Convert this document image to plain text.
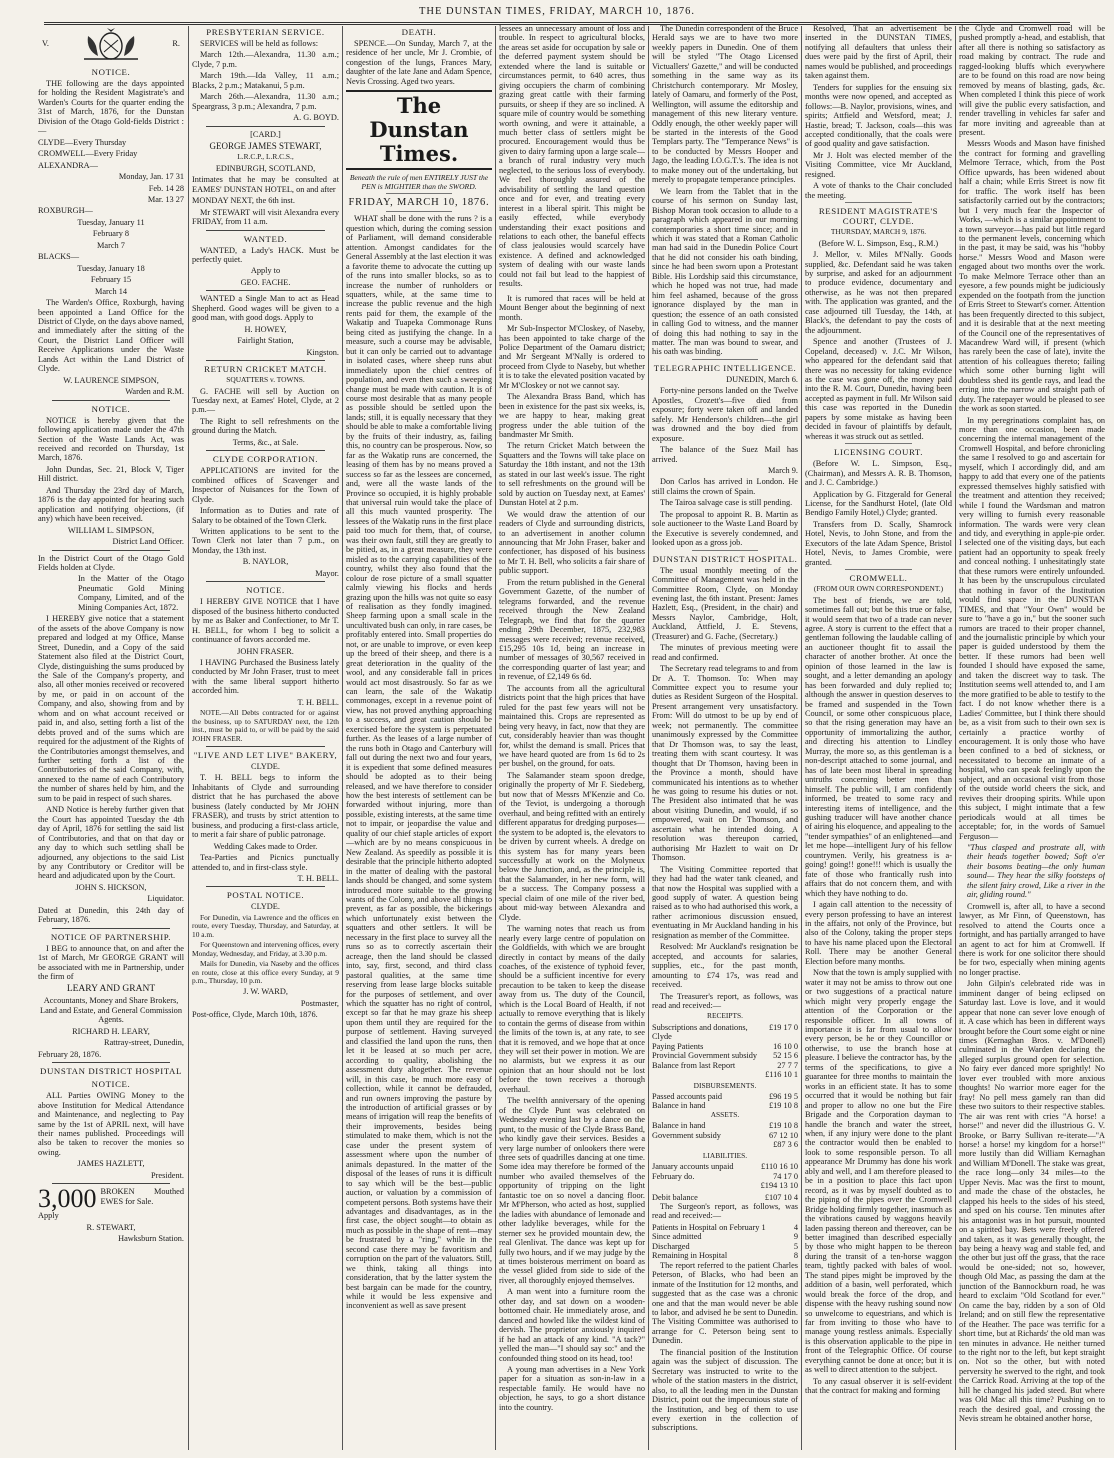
THE DUNSTAN TIMES, FRIDAY, MARCH 10, 1876.
V.	R.
NOTICE.

THE following are the days appointed for holding the Resident Magistrate's and Warden's Courts for the quarter ending the 31st of March, 1876, for the Dunstan Division of the Otago Gold-fields District :—

CLYDE—Every Thursday

CROMWELL—Every Friday

ALEXANDRA—

Monday, Jan. 17 31

Feb. 14 28

Mar. 13 27

ROXBURGH—

Tuesday, January 11

February 8

March 7

BLACKS—

Tuesday, January 18

February 15

March 14

The Warden's Office, Roxburgh, having been appointed a Land Office for the District of Clyde, on the days above named, and immediately after the sitting of the Court, the District Land Officer will Receive Applications under the Waste Lands Act within the Land District of Clyde.

W. LAURENCE SIMPSON,

Warden and R.M.

NOTICE.

NOTICE is hereby given that the following application made under the 47th Section of the Waste Lands Act, was received and recorded on Thursday, 1st March, 1876.

John Dundas, Sec. 21, Block V, Tiger Hill district.

And Thursday the 23rd day of March, 1876 is the day appointed for hearing such application and notifying objections, (if any) which have been received.

WILLIAM L. SIMPSON,

District Land Officer.

In the District Court of the Otago Gold Fields holden at Clyde.

In the Matter of the Otago Pneumatic Gold Mining Company, Limited, and of the Mining Companies Act, 1872.

I HEREBY give notice that a statement of the assets of the above Company is now prepared and lodged at my Office, Manse Street, Dunedin, and a Copy of the said Statement also filed at the District Court, Clyde, distinguishing the sums produced by the Sale of the Company's property, and also, all other monies received or recovered by me, or paid in on account of the Company, and also, showing from and by whom and on what account received or paid in, and also, setting forth a list of the debts proved and of the sums which are required for the adjustment of the Rights of the Contributories amongst themselves, and further setting forth a list of the Contributories of the said Company, with, annexed to the name of each Contributory the number of shares held by him, and the sum to be paid in respect of such shares.

AND Notice is hereby further given that the Court has appointed Tuesday the 4th day of April, 1876 for settling the said list of Contributories, and that on that day or any day to which such settling shall be adjourned, any objections to the said List by any Contributory or Creditor will be heard and adjudicated upon by the Court.

JOHN S. HICKSON,

Liquidator.

Dated at Dunedin, this 24th day of February, 1876.

NOTICE OF PARTNERSHIP.

I BEG to announce that, on and after the 1st of March, Mr GEORGE GRANT will be associated with me in Partnership, under the firm of

LEARY AND GRANT

Accountants, Money and Share Brokers, Land and Estate, and General Commission Agents.

RICHARD H. LEARY,

Rattray-street, Dunedin,

February 28, 1876.

DUNSTAN DISTRICT HOSPITAL
NOTICE.

ALL Parties OWING Money to the above Institution for Medical Attendance and Maintenance, and neglecting to Pay same by the 1st of APRIL next, will have their names published. Proceedings will also be taken to recover the monies so owing.

JAMES HAZLETT,

President.

3,000 BROKEN Mouthed EWES for Sale.

Apply

R. STEWART,

Hawksburn Station.

PRESBYTERIAN SERVICE.

SERVICES will be held as follows:

March 12th.—Alexandra, 11.30 a.m.; Clyde, 7 p.m.

March 19th.—Ida Valley, 11 a.m.; Blacks, 2 p.m.; Matakanui, 5 p.m.

March 26th.—Alexandra, 11.30 a.m.; Speargrass, 3 p.m.; Alexandra, 7 p.m.

A. G. BOYD.

[CARD.]

GEORGE JAMES STEWART,

L.R.C.P., L.R.C.S.,

EDINBURGH, SCOTLAND,

Intimates that he may be consulted at EAMES' DUNSTAN HOTEL, on and after

MONDAY NEXT, the 6th inst.

Mr STEWART will visit Alexandra every FRIDAY, from 11 a.m.

WANTED.

WANTED, a Lady's HACK. Must be perfectly quiet.

Apply to

GEO. FACHE.

WANTED a Single Man to act as Head Shepherd. Good wages will be given to a good man, with good dogs. Apply to

H. HOWEY,

Fairlight Station,

Kingston.

RETURN CRICKET MATCH.

SQUATTERS v. TOWNS.

G. FACHE will sell by Auction on Tuesday next, at Eames' Hotel, Clyde, at 2 p.m.—

The Right to sell refreshments on the ground during the Match.

Terms, &c., at Sale.

CLYDE CORPORATION.

APPLICATIONS are invited for the combined offices of Scavenger and Inspector of Nuisances for the Town of Clyde.

Information as to Duties and rate of Salary to be obtained of the Town Clerk.

Written applications to be sent to the Town Clerk not later than 7 p.m., on Monday, the 13th inst.

B. NAYLOR,

Mayor.

NOTICE.

I HEREBY GIVE NOTICE that I have disposed of the business hitherto conducted by me as Baker and Confectioner, to Mr T. H. BELL, for whom I beg to solicit a continuance of favors accorded me.

JOHN FRASER.

I HAVING Purchased the Business lately conducted by Mr John Fraser, trust to meet with the same liberal support hitherto accorded him.

T. H. BELL.

NOTE.—All Debts contracted for or against the business, up to SATURDAY next, the 12th inst., must be paid to, or will be paid by the said JOHN FRASER.

"LIVE AND LET LIVE" BAKERY,

CLYDE.

T. H. BELL begs to inform the Inhabitants of Clyde and surrounding district that he has purchased the above business (lately conducted by Mr JOHN FRASER), and trusts by strict attention to business, and producing a first-class article, to merit a fair share of public patronage.

Wedding Cakes made to Order.

Tea-Parties and Picnics punctually attended to, and in first-class style.

T. H. BELL.

POSTAL NOTICE.

CLYDE.

For Dunedin, via Lawrence and the offices en route, every Tuesday, Thursday, and Saturday, at 10 a.m.

For Queenstown and intervening offices, every Monday, Wednesday, and Friday, at 3.30 p.m.

Mails for Dunedin, via Naseby and the offices en route, close at this office every Sunday, at 9 p.m., Thursday, 10 p.m.

J. W. WARD,

Postmaster,

Post-office, Clyde, March 10th, 1876.

DEATH.

SPENCE.—On Sunday, March 7, at the residence of her uncle, Mr J. Crombie, of congestion of the lungs, Frances Mary, daughter of the late Jane and Adam Spence, Nevis Crossing. Aged two years.

The Dunstan Times.
Beneath the rule of men ENTIRELY JUST the PEN is MIGHTIER than the SWORD.
FRIDAY, MARCH 10, 1876.

WHAT shall be done with the runs ? is a question which, during the coming session of Parliament, will demand considerable attention. Amongst candidates for the General Assembly at the last election it was a favorite theme to advocate the cutting up of the runs into smaller blocks, so as to increase the number of runholders or squatters, while, at the same time to increase the public revenue and the high rents paid for them, the example of the Wakatip and Tuapeka Commonage Runs being cited as justifying the change. In a measure, such a course may be advisable, but it can only be carried out to advantage in isolated cases, where sheep runs abut immediately upon the chief centres of population, and even then such a sweeping change must be made with caution. It is of course most desirable that as many people as possible should be settled upon the lands; still, it is equally necessary that they should be able to make a comfortable living by the fruits of their industry, as, failing this, no country can be prosperous. Now, so far as the Wakatip runs are concerned, the leasing of them has by no means proved a success so far as the lessees are concerned, and, were all the waste lands of the Province so occupied, it is highly probable that universal ruin would take the place of all this much vaunted prosperity. The lessees of the Wakatip runs in the first place paid too much for them, that, of course, was their own fault, still they are greatly to be pitied, as, in a great measure, they were misled as to the carrying capabilities of the country, whilst they also found that the colour de rose picture of a small squatter calmly viewing his flocks and herds grazing upon the hills was not quite so easy of realisation as they fondly imagined. Sheep farming upon a small scale in the uncultivated bush can only, in rare cases, be profitably entered into. Small properties do not, or are unable to improve, or even keep up the breed of their sheep, and there is a great deterioration in the quality of the wool, and any considerable fall in prices would act most disastrously. So far as we can learn, the sale of the Wakatip commonages, except in a revenue point of view, has not proved anything approaching to a success, and great caution should be exercised before the system is perpetuated further. As the leases of a large number of the runs both in Otago and Canterbury will fall out during the next two and four years, it is expedient that some defined measures should be adopted as to their being released, and we have therefore to consider how the best interests of settlement can be forwarded without injuring, more than possible, existing interests, at the same time not to impair, or jeopardise the value and quality of our chief staple articles of export—which are by no means conspicuous in New Zealand. As speedily as possible it is desirable that the principle hitherto adopted in the matter of dealing with the pastoral lands should be changed, and some system introduced more suitable to the growing wants of the Colony, and above all things to prevent, as far as possible, the bickerings which unfortunately exist between the squatters and other settlers. It will be necessary in the first place to survey all the runs so as to correctly ascertain their acreage, then the land should be classed into, say, first, second, and third class pastoral qualities, at the same time reserving from lease large blocks suitable for the purposes of settlement, and over which the squatter has no right of control, except so far that he may graze his sheep upon them until they are required for the purpose of settlement. Having surveyed and classified the land upon the runs, then let it be leased at so much per acre, according to quality, abolishing the assessment duty altogether. The revenue will, in this case, be much more easy of collection, while it cannot be defrauded, and run owners improving the pasture by the introduction of artificial grasses or by means of irrigation will reap the benefits of their improvements, besides being stimulated to make them, which is not the case under the present system of assessment where upon the number of animals depastured. In the matter of the disposal of the leases of runs it is difficult to say which will be the best—public auction, or valuation by a commission of competent persons. Both systems have their advantages and disadvantages, as in the first case, the object sought—to obtain as much as possible in the shape of rent—may be frustrated by a "ring," while in the second case there may be favoritism and corruption on the part of the valuators. Still, we think, taking all things into consideration, that by the latter system the best bargain can be made for the country, while it would be less expensive and inconvenient as well as save present

lessees an unnecessary amount of loss and trouble. In respect to agricultural blocks, the areas set aside for occupation by sale or the deferred payment system should be extended where the land is suitable or circumstances permit, to 640 acres, thus giving occupiers the charm of combining grazing great cattle with their farming pursuits, or sheep if they are so inclined. A square mile of country would be something worth owning, and were it attainable, a much better class of settlers might be procured. Encouragement would thus be given to dairy farming upon a large scale—a branch of rural industry very much neglected, to the serious loss of everybody. We feel thoroughly assured of the advisability of settling the land question once and for ever, and treating every interest in a liberal spirit. This might be easily effected, while everybody understanding their exact positions and relations to each other, the baneful effects of class jealousies would scarcely have existence. A defined and acknowledged system of dealing with our waste lands could not fail but lead to the happiest of results.

It is rumored that races will be held at Mount Benger about the beginning of next month.

Mr Sub-Inspector M'Closkey, of Naseby, has been appointed to take charge of the Police Department of the Oamaru district; and Mr Sergeant M'Nally is ordered to proceed from Clyde to Naseby, but whether it is to take the elevated position vacated by Mr M'Closkey or not we cannot say.

The Alexandra Brass Band, which has been in existence for the past six weeks, is, we are happy to hear, making great progress under the able tuition of the bandmaster Mr Smith.

The return Cricket Match between the Squatters and the Towns will take place on Saturday the 18th instant, and not the 13th as stated in our last week's issue. The right to sell refreshments on the ground will be sold by auction on Tuesday next, at Eames' Dunstan Hotel at 2 p.m.

We would draw the attention of our readers of Clyde and surrounding districts, to an advertisement in another column announcing that Mr John Fraser, baker and confectioner, has disposed of his business to Mr T. H. Bell, who solicits a fair share of public support.

From the return published in the General Government Gazette, of the number of telegrams forwarded, and the revenue received through the New Zealand Telegraph, we find that for the quarter ending 29th December, 1875, 232,983 messages were received; revenue received, £15,295 10s 1d, being an increase in number of messages of 30,567 received in the corresponding quarter of last year; and in revenue, of £2,149 6s 6d.

The accounts from all the agricultural districts point that the high prices that have ruled for the past few years will not be maintained this. Crops are represented as being very heavy, in fact, now that they are cut, considerably heavier than was thought for, whilst the demand is small. Prices that we have heard quoted are from 1s 6d to 2s per bushel, on the ground, for oats.

The Salamander steam spoon dredge, originally the property of Mr F. Siedeberg, but now that of Messrs M'Kenzie and Co. of the Teviot, is undergoing a thorough overhaul, and being refitted with an entirely different apparatus for dredging purposes—the system to be adopted is, the elevators to be driven by current wheels. A dredge on this system has for many years been successfully at work on the Molyneux below the Junction, and, as the principle is, that the Salamander, in her new form, will be a success. The Company possess a special claim of one mile of the river bed, about mid-way between Alexandra and Clyde.

The warning notes that reach us from nearly every large centre of population on the Goldfields, with which we are brought directly in contact by means of the daily coaches, of the existence of typhoid fever, should be a sufficient incentive for every precaution to be taken to keep the disease away from us. The duty of the Council, which is the Local Board of Health, if not actually to remove everything that is likely to contain the germs of disease from within the limits of the town is, at any rate, to see that it is removed, and we hope that at once they will set their power in motion. We are no alarmists, but we express it as our opinion that an hour should not be lost before the town receives a thorough overhaul.

The twelfth anniversary of the opening of the Clyde Punt was celebrated on Wednesday evening last by a dance on the punt, to the music of the Clyde Brass Band, who kindly gave their services. Besides a very large number of onlookers there were three sets of quadrilles dancing at one time. Some idea may therefore be formed of the number who availed themselves of the opportunity of tripping on the light fantastic toe on so novel a dancing floor. Mr M'Pherson, who acted as host, supplied the ladies with abundance of lemonade and other ladylike beverages, while for the sterner sex he provided mountain dew, the real Glenlivat. The dance was kept up for fully two hours, and if we may judge by the at times boisterous merriment on board as the vessel glided from side to side of the river, all thoroughly enjoyed themselves.

A man went into a furniture room the other day, and sat down on a wooden-bottomed chair. He immediately arose, and danced and howled like the wildest kind of dervish. The proprietor anxiously inquired if he had an attack of any kind. "A tack?" yelled the man—"I should say so:" and the confounded thing stood on its head, too!

A young man advertises in a New York paper for a situation as son-in-law in a respectable family. He would have no objection, he says, to go a short distance into the country.

The Dunedin correspondent of the Bruce Herald says we are to have two more weekly papers in Dunedin. One of them will be styled "The Otago Licensed Victuallers' Gazette," and will be conducted something in the same way as its Christchurch contemporary. Mr Mosley, lately of Oamaru, and formerly of the Post, Wellington, will assume the editorship and management of this new literary venture. Oddly enough, the other weekly paper will be started in the interests of the Good Templars party. The "Temperance News" is to be conducted by Messrs Hooper and Jago, the leading I.O.G.T.'s. The idea is not to make money out of the undertaking, but merely to propagate temperance principles.

We learn from the Tablet that in the course of his sermon on Sunday last, Bishop Moran took occasion to allude to a paragraph which appeared in our morning contemporaries a short time since; and in which it was stated that a Roman Catholic man had said in the Dunedin Police Court that he did not consider his oath binding, since he had been sworn upon a Protestant Bible. His Lordship said this circumstance, which he hoped was not true, had made him feel ashamed, because of the gross ignorance displayed by the man in question; the essence of an oath consisted in calling God to witness, and the manner of doing this had nothing to say in the matter. The man was bound to swear, and his oath was binding.

TELEGRAPHIC INTELLIGENCE.

DUNEDIN, March 6.

Forty-nine persons landed on the Twelve Apostles, Crozett's—five died from exposure; forty were taken off and landed safely. Mr Henderson's children—the girl was drowned and the boy died from exposure.

The balance of the Suez Mail has arrived.

March 9.

Don Carlos has arrived in London. He still claims the crown of Spain.

The Tairoa salvage case is still pending.

The proposal to appoint R. B. Martin as sole auctioneer to the Waste Land Board by the Executive is severely condemned, and looked upon as a gross job.

DUNSTAN DISTRICT HOSPITAL.

The usual monthly meeting of the Committee of Management was held in the Committee Room, Clyde, on Monday evening last, the 6th instant. Present: James Hazlett, Esq., (President, in the chair) and Messrs Naylor, Cambridge, Holt, Auckland, Attfield, J. E. Stevens, (Treasurer) and G. Fache, (Secretary.)

The minutes of previous meeting were read and confirmed.

The Secretary read telegrams to and from Dr A. T. Thomson. To: When may Committee expect you to resume your duties as Resident Surgeon of the Hospital. Present arrangement very unsatisfactory. From: Will do utmost to be up by end of week; not permanently. The committee unanimously expressed by the Committee that Dr Thomson was, to say the least, treating them with scant courtesy. It was thought that Dr Thomson, having been in the Province a month, should have communicated his intentions as to whether he was going to resume his duties or not. The President also intimated that he was about visiting Dunedin, and would, if so empowered, wait on Dr Thomson, and ascertain what he intended doing. A resolution was thereupon carried, authorising Mr Hazlett to wait on Dr Thomson.

The Visiting Committee reported that they had had the water tank cleaned, and that now the Hospital was supplied with a good supply of water. A question being raised as to who had authorised this work, a rather acrimonious discussion ensued, eventuating in Mr Auckland handing in his resignation as member of the Committee.

Resolved: Mr Auckland's resignation be accepted, and accounts for salaries, supplies, etc., for the past month, amounting to £74 17s, was read and received.

The Treasurer's report, as follows, was read and received:—

RECEIPTS.

Subscriptions and donations, Clyde
£19 17 0
Paying Patients	16 10 0
Provincial Government subsidy 52 15 6
Balance from last Report	27 7 7

£116 10 1

DISBURSEMENTS.

Passed accounts paid	£96 19 5
Balance in hand	£19 10 8

ASSETS.

Balance in hand	£19 10 8
Government subsidy	67 12 10

£87 3 6

LIABILITIES.

January accounts unpaid	£110 16 10
February do.	74 17 0

£194 13 10

Debit balance	£107 10 4

The Surgeon's report, as follows, was read and received:—

Patients in Hospital on February 1	4
Since admitted	9
Discharged	5
Remaining in Hospital	8

The report referred to the patient Charles Peterson, of Blacks, who had been an inmate of the Institution for 12 months, and suggested that as the case was a chronic one and that the man would never be able to labor, and advised he be sent to Dunedin. The Visiting Committee was authorised to arrange for C. Peterson being sent to Dunedin.

The financial position of the Institution again was the subject of discussion. The Secretary was instructed to write to the whole of the station masters in the district, also, to all the leading men in the Dunstan District, point out the impecunious state of the Institution, and beg of them to use every exertion in the collection of subscriptions.

Resolved, That an advertisement be inserted in the DUNSTAN TIMES, notifying all defaulters that unless their dues were paid by the first of April, their names would be published, and proceedings taken against them.

Tenders for supplies for the ensuing six months were now opened, and accepted as follows:—B. Naylor, provisions, wines, and spirits; Attfield and Wetsford, meat; J. Hastie, bread; T. Jackson, coals—this was accepted conditionally, that the coals were of good quality and gave satisfaction.

Mr J. Holt was elected member of the Visiting Committee, vice Mr Auckland, resigned.

A vote of thanks to the Chair concluded the meeting.

RESIDENT MAGISTRATE'S COURT, CLYDE.

THURSDAY, MARCH 9, 1876.

(Before W. L. Simpson, Esq., R.M.)

J. Mellor, v. Miles M'Nally. Goods supplied, &c. Defendant said he was taken by surprise, and asked for an adjournment to produce evidence, documentary and otherwise, as he was not then prepared with. The application was granted, and the case adjourned till Tuesday, the 14th, at Black's, the defendant to pay the costs of the adjournment.

Spence and another (Trustees of J. Copeland, deceased) v. J.C. Mr Wilson, who appeared for the defendant said that there was no necessity for taking evidence as the case was gone off, the money paid into the R. M. Court, Dunedin, having been accepted as payment in full. Mr Wilson said this case was reported in the Dunedin papers by some mistake as having been decided in favour of plaintiffs by default, whereas it was struck out as settled.

LICENSING COURT.

(Before W. L. Simpson, Esq., (Chairman), and Messrs A. R. B. Thomson, and J. C. Cambridge.)

Application by G. Fitzgerald for General License, for the Sandhurst Hotel, (late Old Bendigo Family Hotel,) Clyde; granted.

Transfers from D. Scally, Shamrock Hotel, Nevis, to John Stone, and from the Executors of the late Adam Spence, Bristol Hotel, Nevis, to James Crombie, were granted.

CROMWELL.

(FROM OUR OWN CORRESPONDENT.)

The best of friends, we are told, sometimes fall out; but be this true or false, it would seem that two of a trade can never agree. A story is current to the effect that a gentleman following the laudable calling of an auctioneer thought fit to assail the character of another brother. At once the opinion of those learned in the law is sought, and a letter demanding an apology has been forwarded and duly replied to; although the answer in question deserves to be framed and suspended in the Town Council, or some other conspicuous place, so that the rising generation may have an opportunity of immortalizing the author, and directing his attention to Lindley Murray, the more so, as this gentleman is a non-descript attached to some journal, and has of late been most liberal in spreading untruths concerning better men than himself. The public will, I am confidently informed, be treated to some racy and interesting items of intelligence, and the gushing traducer will have another chance of airing his eloquence, and appealing to the "tender sympathies" of an enlightened—and let me hope—intelligent Jury of his fellow countrymen. Verily, his greatness is a-going! going!! gone!!! which is usually the fate of those who frantically rush into affairs that do not concern them, and with which they have nothing to do.

I again call attention to the necessity of every person professing to have an interest in the affairs, not only of the Province, but also of the Colony, taking the proper steps to have his name placed upon the Electoral Roll. There may be another General Election before many months.

Now that the town is amply supplied with water it may not be amiss to throw out one or two suggestions of a practical nature which might very properly engage the attention of the Corporation or the responsible officer. In all towns of importance it is far from usual to allow every person, be he or they Councillor or otherwise, to use the branch hose at pleasure. I believe the contractor has, by the terms of the specifications, to give a guarantee for three months to maintain the works in an efficient state. It has to some occurred that it would be nothing but fair and proper to allow no one but the Fire Brigade and the Corporation dayman to handle the branch and water the street, when, if any injury were done to the plant the contractor would then be enabled to look to some responsible person. To all appearance Mr Drummy has done his work ably and well, and I am therefore pleased to be in a position to place this fact upon record, as it was by myself doubted as to the piping of the pipes over the Cromwell Bridge holding firmly together, inasmuch as the vibrations caused by waggons heavily laden passing thereon and thereover, can be better imagined than described especially by those who might happen to be thereon during the transit of a ten-horse waggon team, tightly packed with bales of wool. The stand pipes might be improved by the addition of a basin, well perforated, which would break the force of the drop, and dispense with the heavy rushing sound now so unwelcome to equestrians, and which is far from inviting to those who have to manage young restless animals. Especially is this observation applicable to the pipe in front of the Telegraphic Office. Of course everything cannot be done at once; but it is as well to direct attention to the subject.

To any casual observer it is self-evident that the contract for making and forming

the Clyde and Cromwell road will be pushed promptly a-head, and establish, that after all there is nothing so satisfactory as road making by contract. The rude and ragged-looking bluffs which everywhere are to be found on this road are now being removed by means of blasting, gads, &c. When completed I think this piece of work will give the public every satisfaction, and render travelling in vehicles far safer and far more inviting and agreeable than at present.

Messrs Woods and Mason have finished the contract for forming and gravelling Melmore Terrace, which, from the Post Office upwards, has been widened about half a chain; while Erris Street is now fit for traffic. The work itself has been satisfactorily carried out by the contractors; but I very much fear the Inspector of Works, —which is a similar appointment to a town surveyor—has paid but little regard to the permanent levels, concerning which in the past, it may be said, was his "hobby horse." Messrs Wood and Mason were engaged about two months over the work. To make Melmore Terrace other than an eyesore, a few pounds might be judiciously expended on the footpath from the junction of Erris Street to Stewart's corner. Attention has been frequently directed to this subject, and it is desirable that at the next meeting of the Council one of the representatives of Macandrew Ward will, if present (which has rarely been the case of late), invite the attention of his colleagues thereto; failing which some other burning light will doubtless shed its gentle rays, and lead the erring into the narrow and straight path of duty. The ratepayer would be pleased to see the work as soon started.

In my peregrinations complaint has, on more than one occasion, been made concerning the internal management of the Cromwell Hospital, and before chronicling the same I resolved to go and ascertain for myself, which I accordingly did, and am happy to add that every one of the patients expressed themselves highly satisfied with the treatment and attention they received; while I found the Wardsman and matron very willing to furnish every reasonable information. The wards were very clean and tidy, and everything in apple-pie order. I selected one of the visiting days, but each patient had an opportunity to speak freely and conceal nothing. I unhesitatingly state that these rumors were entirely unfounded. It has been by the unscrupulous circulated that nothing in favor of the Institution would find space in the DUNSTAN TIMES, and that "Your Own" would be sure to "have a go in," but the sooner such rumors are traced to their proper channel, and the journalistic principle by which your paper is guided understood by them the better. If these rumors had been well founded I should have exposed the same, and taken the discreet way to task. The Institution seems well attended to, and I am the more gratified to be able to testify to the fact. I do not know whether there is a Ladies' Committee, but I think there should be, as a visit from such to their own sex is certainly a practice worthy of encouragement. It is only those who have been confined to a bed of sickness, or necessitated to become an inmate of a hospital, who can speak feelingly upon the subject, and an occasional visit from those of the outside world cheers the sick, and revives their drooping spirits. While upon this subject, I might intimate that a few periodicals would at all times be acceptable; for, in the words of Samuel Ferguson—

"Thus clasped and prostrate all, with their heads together bowed; Soft o'er their bosoms beating—the only human sound— They hear the silky footsteps of the silent fairy crowd, Like a river in the air, gliding round."

Cromwell is, after all, to have a second lawyer, as Mr Finn, of Queenstown, has resolved to attend the Courts once a fortnight, and has partially arranged to have an agent to act for him at Cromwell. If there is work for one solicitor there should be for two, especially when mining agents no longer practise.

John Gilpin's celebrated ride was in imminent danger of being eclipsed on Saturday last. Love is love, and it would appear that none can sever love enough of it. A case which has been in different ways brought before the Court some eight or nine times (Kernaghan Bros. v. M'Donell) culminated in the Warden declaring the alleged surplus ground open for selection. No fairy ever danced more sprightly! No lover ever troubled with more anxious thoughts! No warrior more eager for the fray! No pell mess gamely ran than did these two suitors to their respective stables. The air was rent with cries "A horse! a horse!" and never did the illustrious G. V. Brooke, or Barry Sullivan re-iterate—"A horse! a horse! my kingdom for a horse!" more lustily than did William Kernaghan and William M'Donell. The stake was great, the race long—only 34 miles—to the Upper Nevis. Mac was the first to mount, and made the chase of the obstacles, he clapped his heels to the sides of his steed, and sped on his course. Ten minutes after his antagonist was in hot pursuit, mounted on a spirited bay. Bets were freely offered and taken, as it was generally thought, the bay being a heavy wag and stable fed, and the other but just off the grass, that the race would be one-sided; not so, however, though Old Mac, as passing the dam at the junction of the Bannockburn road, he was heard to exclaim "Old Scotland for ever." On came the bay, ridden by a son of Old Ireland; and on still flew the representative of the Heather. The pace was terrific for a short time, but at Richards' the old man was ten minutes in advance. He neither turned to the right nor to the left, but kept straight on. Not so the other, but with noted perversity he swerved to the right, and took the Carrick Road. Arriving at the top of the hill he changed his jaded steed. But where was Old Mac all this time? Pushing on to reach the desired goal, and crossing the Nevis stream he obtained another horse,
